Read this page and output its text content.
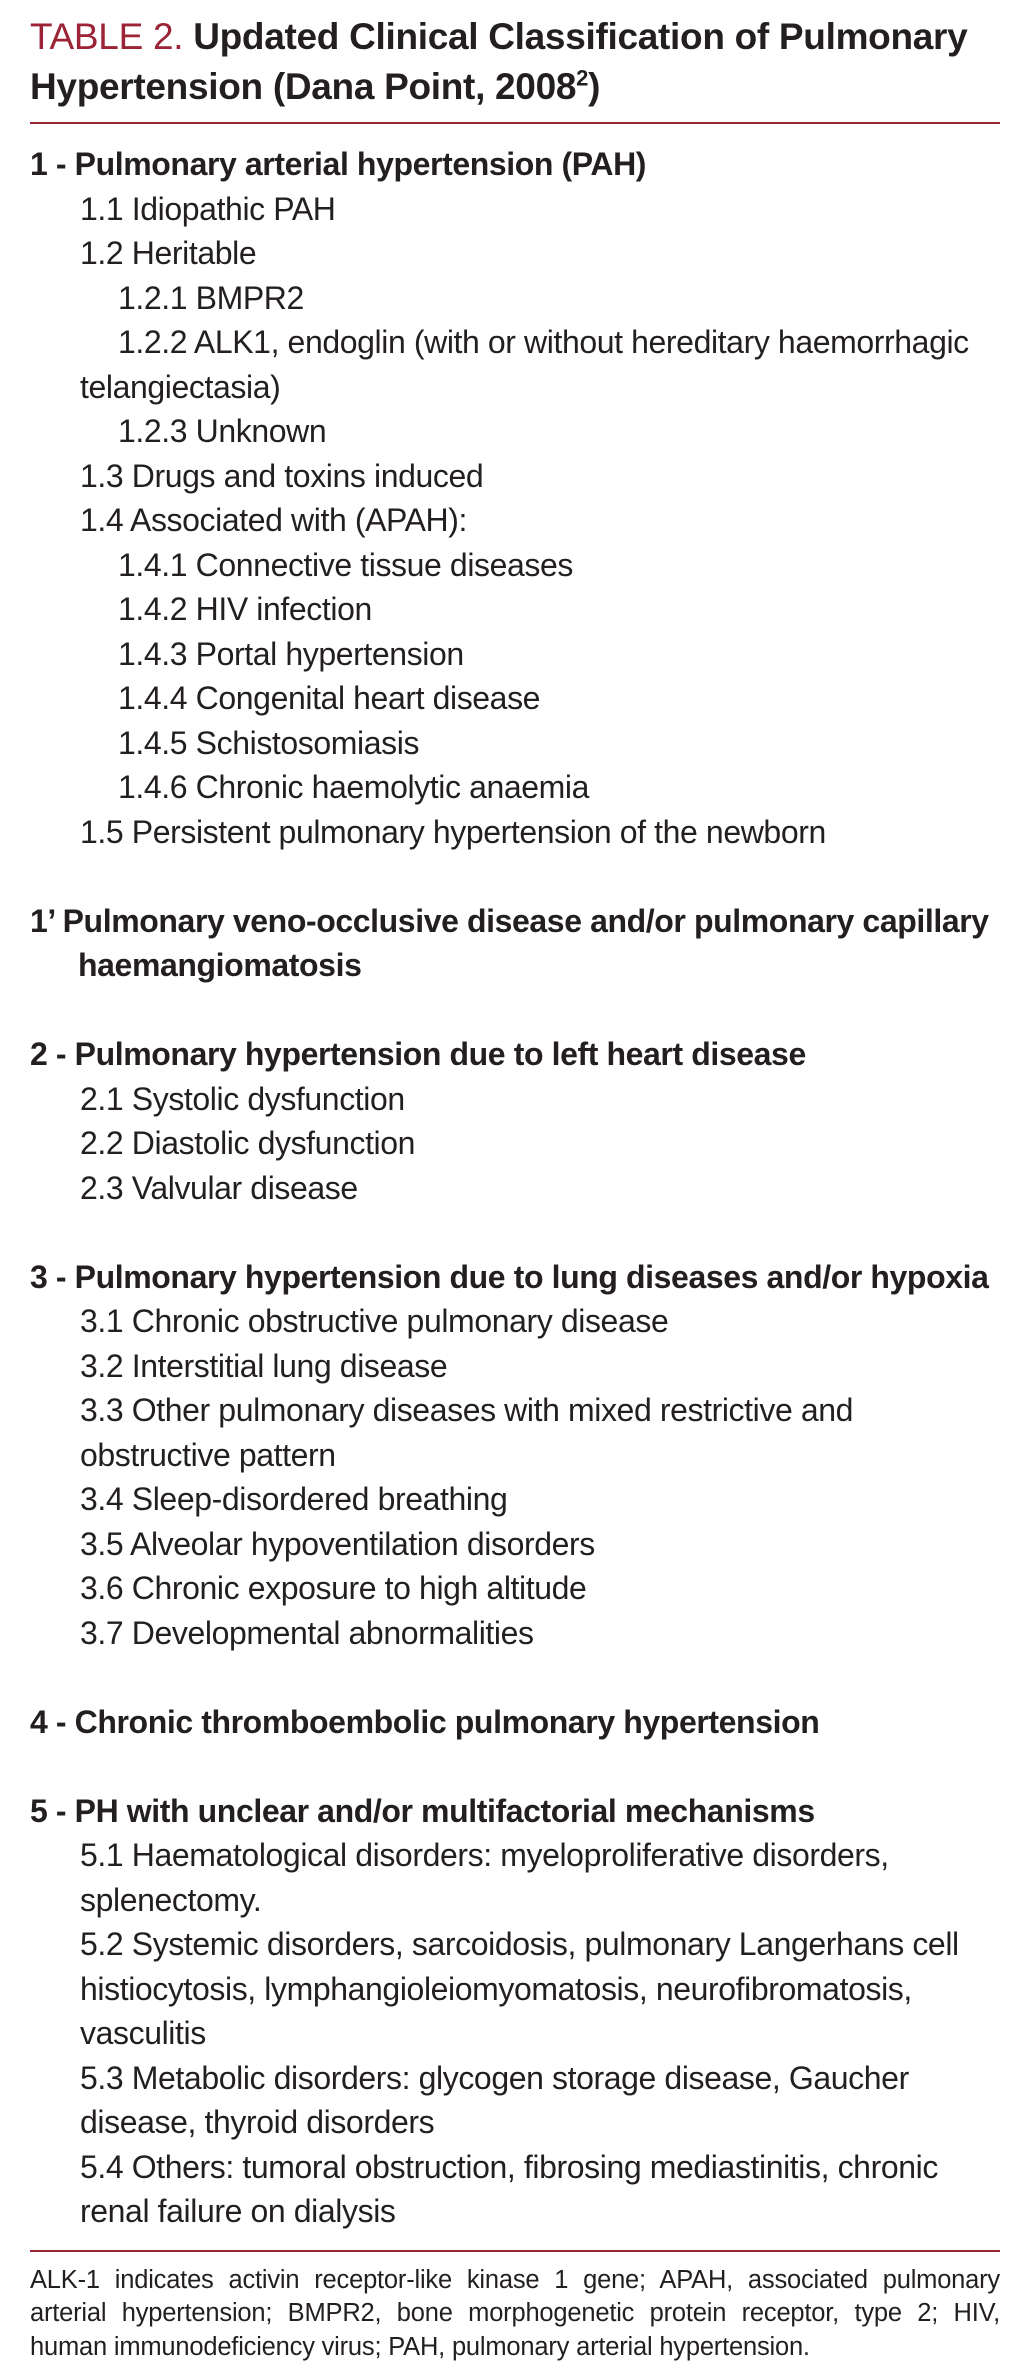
TABLE 2. Updated Clinical Classification of Pulmonary Hypertension (Dana Point, 2008$^2$)

1 - Pulmonary arterial hypertension (PAH)

1.1 Idiopathic PAH

1.2 Heritable

1.2.1 BMPR2

1.2.2 ALK1, endoglin (with or without hereditary haemorrhagic telangiectasia)

1.2.3 Unknown

1.3 Drugs and toxins induced

1.4 Associated with (APAH):

1.4.1 Connective tissue diseases

1.4.2 HIV infection

1.4.3 Portal hypertension

1.4.4 Congenital heart disease

1.4.5 Schistosomiasis

1.4.6 Chronic haemolytic anaemia

1.5 Persistent pulmonary hypertension of the newborn

1’ Pulmonary veno-occlusive disease and/or pulmonary capillary haemangiomatosis

2 - Pulmonary hypertension due to left heart disease

2.1 Systolic dysfunction

2.2 Diastolic dysfunction

2.3 Valvular disease

3 - Pulmonary hypertension due to lung diseases and/or hypoxia

3.1 Chronic obstructive pulmonary disease

3.2 Interstitial lung disease

3.3 Other pulmonary diseases with mixed restrictive and obstructive pattern

3.4 Sleep-disordered breathing

3.5 Alveolar hypoventilation disorders

3.6 Chronic exposure to high altitude

3.7 Developmental abnormalities

4 - Chronic thromboembolic pulmonary hypertension

5 - PH with unclear and/or multifactorial mechanisms

5.1 Haematological disorders: myeloproliferative disorders, splenectomy.

5.2 Systemic disorders, sarcoidosis, pulmonary Langerhans cell histiocytosis, lymphangioleiomyomatosis, neurofibromatosis, vasculitis

5.3 Metabolic disorders: glycogen storage disease, Gaucher disease, thyroid disorders

5.4 Others: tumoral obstruction, fibrosing mediastinitis, chronic renal failure on dialysis

ALK-1 indicates activin receptor-like kinase 1 gene; APAH, associated pulmonary arterial hypertension; BMPR2, bone morphogenetic protein receptor, type 2; HIV, human immunodeficiency virus; PAH, pulmonary arterial hypertension.
